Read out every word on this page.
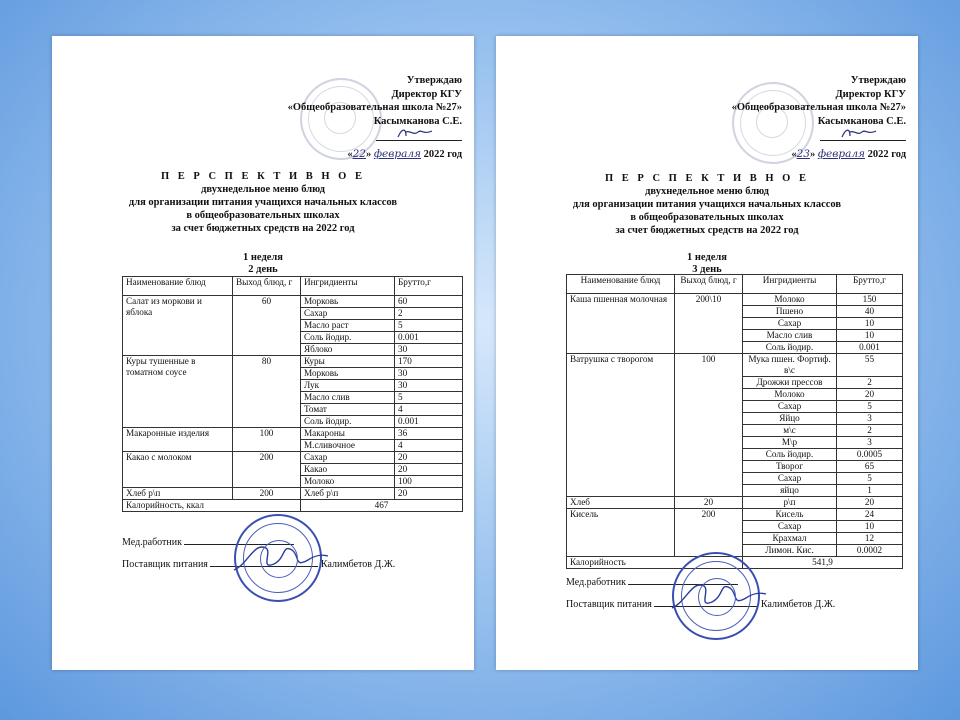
Утверждаю
Директор КГУ
«Общеобразовательная школа №27»
Касымканова С.Е.
«22» февраля 2022 год
П Е Р С П Е К Т И В Н О Е
двухнедельное меню блюд
для организации питания учащихся начальных классов
в общеобразовательных школах
за счет бюджетных средств на 2022 год
1 неделя
2 день
Наименование блюд	Выход блюд, г	Ингридиенты	Брутто,г
Салат из моркови и яблока	60	Морковь	60
		Сахар	2
		Масло раст	5
		Соль йодир.	0.001
		Яблоко	30
Куры тушенные в томатном соусе	80	Куры	170
		Морковь	30
		Лук	30
		Масло слив	5
		Томат	4
		Соль йодир.	0.001
Макаронные изделия	100	Макароны	36
		М.сливочное	4
Какао с молоком	200	Сахар	20
		Какао	20
		Молоко	100
Хлеб р\п	200	Хлеб р\п	20
Калорийность, ккал		467	
Мед.работник
Поставщик питания	Калимбетов Д.Ж.
Утверждаю
Директор КГУ
«Общеобразовательная школа №27»
Касымканова С.Е.
«23» февраля 2022 год
П Е Р С П Е К Т И В Н О Е
двухнедельное меню блюд
для организации питания учащихся начальных классов
в общеобразовательных школах
за счет бюджетных средств на 2022 год
1 неделя
3 день
Наименование блюд	Выход блюд, г	Ингридиенты	Брутто,г
Каша пшенная молочная	200\10	Молоко	150
		Пшено	40
		Сахар	10
		Масло слив	10
		Соль йодир.	0.001
Ватрушка с творогом	100	Мука пшен. Фортиф. в\с	55
		Дрожжи прессов	2
		Молоко	20
		Сахар	5
		Яйцо	3
		м\с	2
		М\р	3
		Соль йодир.	0.0005
		Творог	65
		Сахар	5
		яйцо	1
Хлеб	20	р\п	20
Кисель	200	Кисель	24
		Сахар	10
		Крахмал	12
		Лимон. Кис.	0.0002
Калорийность		541,9	
Мед.работник
Поставщик питания	Калимбетов Д.Ж.
